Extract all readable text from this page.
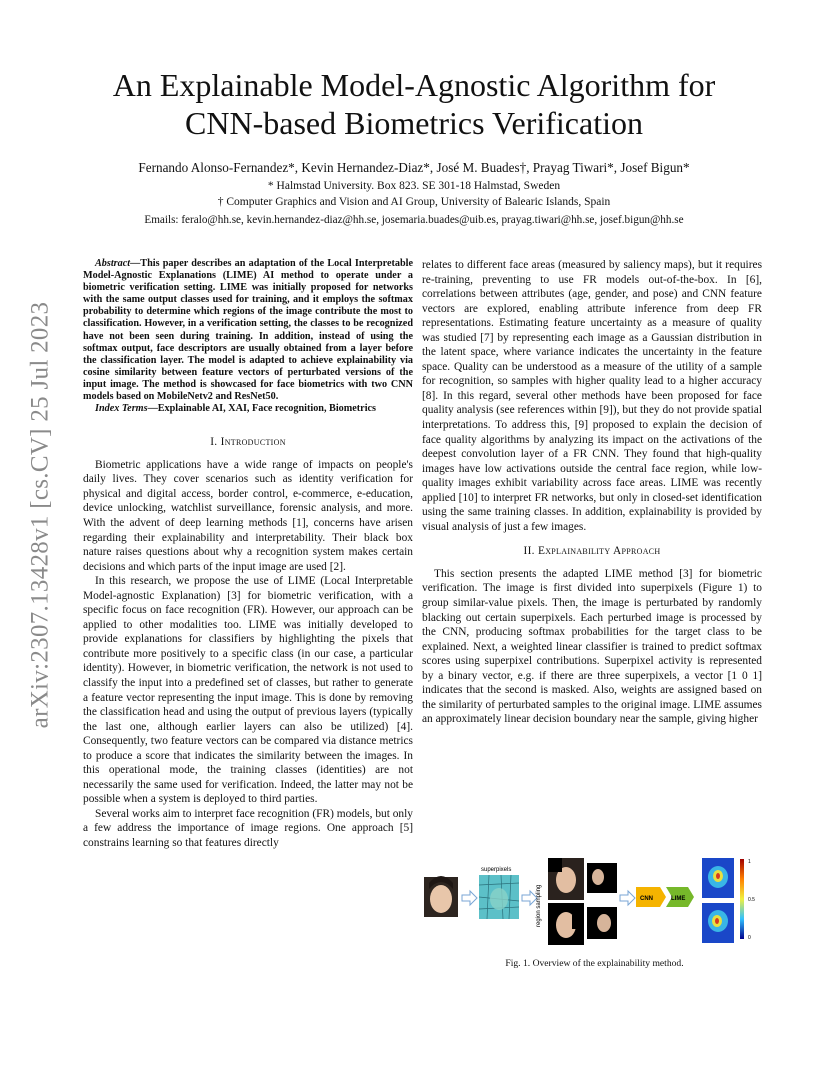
arXiv:2307.13428v1 [cs.CV] 25 Jul 2023
An Explainable Model-Agnostic Algorithm for
CNN-based Biometrics Verification
Fernando Alonso-Fernandez*, Kevin Hernandez-Diaz*, José M. Buades†, Prayag Tiwari*, Josef Bigun*
* Halmstad University. Box 823. SE 301-18 Halmstad, Sweden
† Computer Graphics and Vision and AI Group, University of Balearic Islands, Spain
Emails: feralo@hh.se, kevin.hernandez-diaz@hh.se, josemaria.buades@uib.es, prayag.tiwari@hh.se, josef.bigun@hh.se

Abstract—This paper describes an adaptation of the Local Interpretable Model-Agnostic Explanations (LIME) AI method to operate under a biometric verification setting. LIME was initially proposed for networks with the same output classes used for training, and it employs the softmax probability to determine which regions of the image contribute the most to classification. However, in a verification setting, the classes to be recognized have not been seen during training. In addition, instead of using the softmax output, face descriptors are usually obtained from a layer before the classification layer. The model is adapted to achieve explainability via cosine similarity between feature vectors of perturbated versions of the input image. The method is showcased for face biometrics with two CNN models based on MobileNetv2 and ResNet50.

Index Terms—Explainable AI, XAI, Face recognition, Biometrics

I. Introduction

Biometric applications have a wide range of impacts on people's daily lives. They cover scenarios such as identity verification for physical and digital access, border control, e-commerce, e-education, device unlocking, watchlist surveillance, forensic analysis, and more. With the advent of deep learning methods [1], concerns have arisen regarding their explainability and interpretability. Their black box nature raises questions about why a recognition system makes certain decisions and which parts of the input image are used [2].

In this research, we propose the use of LIME (Local Interpretable Model-agnostic Explanation) [3] for biometric verification, with a specific focus on face recognition (FR). However, our approach can be applied to other modalities too. LIME was initially developed to provide explanations for classifiers by highlighting the pixels that contribute more positively to a specific class (in our case, a particular identity). However, in biometric verification, the network is not used to classify the input into a predefined set of classes, but rather to generate a feature vector representing the input image. This is done by removing the classification head and using the output of previous layers (typically the last one, although earlier layers can also be utilized) [4]. Consequently, two feature vectors can be compared via distance metrics to produce a score that indicates the similarity between the images. In this operational mode, the training classes (identities) are not necessarily the same used for verification. Indeed, the latter may not be possible when a system is deployed to third parties.

Several works aim to interpret face recognition (FR) models, but only a few address the importance of image regions. One approach [5] constrains learning so that features directly

relates to different face areas (measured by saliency maps), but it requires re-training, preventing to use FR models out-of-the-box. In [6], correlations between attributes (age, gender, and pose) and CNN feature vectors are explored, enabling attribute inference from deep FR representations. Estimating feature uncertainty as a measure of quality was studied [7] by representing each image as a Gaussian distribution in the latent space, where variance indicates the uncertainty in the feature space. Quality can be understood as a measure of the utility of a sample for recognition, so samples with higher quality lead to a higher accuracy [8]. In this regard, several other methods have been proposed for face quality analysis (see references within [9]), but they do not provide spatial interpretations. To address this, [9] proposed to explain the decision of face quality algorithms by analyzing its impact on the activations of the deepest convolution layer of a FR CNN. They found that high-quality images have low activations outside the central face region, while low-quality images exhibit variability across face areas. LIME was recently applied [10] to interpret FR networks, but only in closed-set identification using the same training classes. In addition, explainability is provided by visual analysis of just a few images.

II. Explainability Approach

This section presents the adapted LIME method [3] for biometric verification. The image is first divided into superpixels (Figure 1) to group similar-value pixels. Then, the image is perturbated by randomly blacking out certain superpixels. Each perturbed image is processed by the CNN, producing softmax probabilities for the target class to be explained. Next, a weighted linear classifier is trained to predict softmax scores using superpixel contributions. Superpixel activity is represented by a binary vector, e.g. if there are three superpixels, a vector [1 0 1] indicates that the second is masked. Also, weights are assigned based on the similarity of perturbated samples to the original image. LIME assumes an approximately linear decision boundary near the sample, giving higher

superpixels
region sampling	CNN	LIME
1
0.5
0
Fig. 1. Overview of the explainability method.
